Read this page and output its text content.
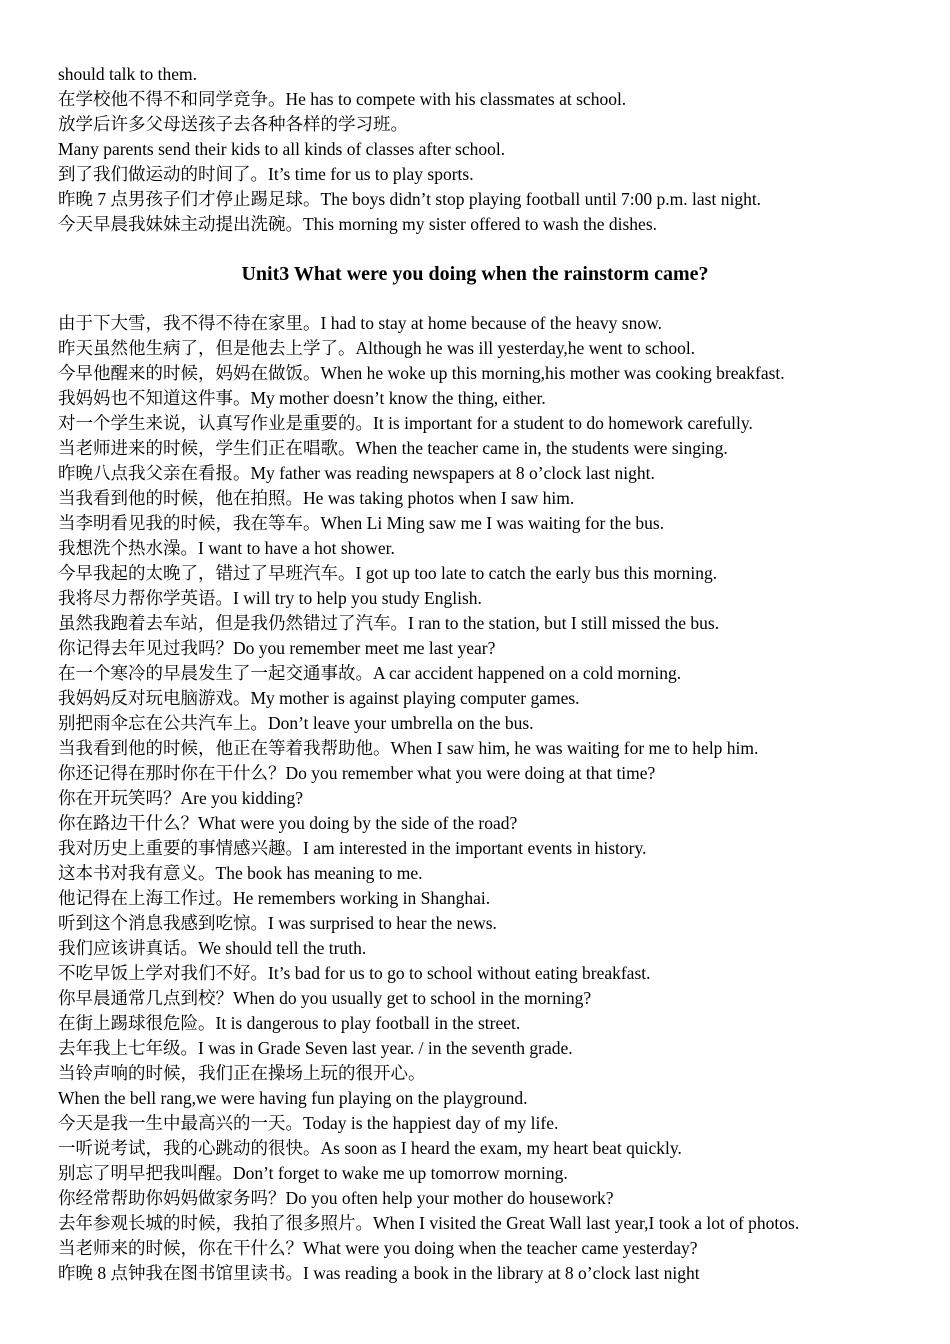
should talk to them.
在学校他不得不和同学竞争。He has to compete with his classmates at school.
放学后许多父母送孩子去各种各样的学习班。
Many parents send their kids to all kinds of classes after school.
到了我们做运动的时间了。It’s time for us to play sports.
昨晚 7 点男孩子们才停止踢足球。The boys didn’t stop playing football until 7:00 p.m. last night.
今天早晨我妹妹主动提出洗碗。This morning my sister offered to wash the dishes.
Unit3 What were you doing when the rainstorm came?
由于下大雪，我不得不待在家里。I had to stay at home because of the heavy snow.
昨天虽然他生病了，但是他去上学了。Although he was ill yesterday,he went to school.
今早他醒来的时候，妈妈在做饭。When he woke up this morning,his mother was cooking breakfast.
我妈妈也不知道这件事。My mother doesn’t know the thing, either.
对一个学生来说，认真写作业是重要的。It is important for a student to do homework carefully.
当老师进来的时候，学生们正在唱歌。When the teacher came in, the students were singing.
昨晚八点我父亲在看报。My father was reading newspapers at 8 o’clock last night.
当我看到他的时候，他在拍照。He was taking photos when I saw him.
当李明看见我的时候，我在等车。When Li Ming saw me I was waiting for the bus.
我想洗个热水澡。I want to have a hot shower.
今早我起的太晚了，错过了早班汽车。I got up too late to catch the early bus this morning.
我将尽力帮你学英语。I will try to help you study English.
虽然我跑着去车站，但是我仍然错过了汽车。I ran to the station, but I still missed the bus.
你记得去年见过我吗？Do you remember meet me last year?
在一个寒冷的早晨发生了一起交通事故。A car accident happened on a cold morning.
我妈妈反对玩电脑游戏。My mother is against playing computer games.
别把雨伞忘在公共汽车上。Don’t leave your umbrella on the bus.
当我看到他的时候，他正在等着我帮助他。When I saw him, he was waiting for me to help him.
你还记得在那时你在干什么？Do you remember what you were doing at that time?
你在开玩笑吗？Are you kidding?
你在路边干什么？What were you doing by the side of the road?
我对历史上重要的事情感兴趣。I am interested in the important events in history.
这本书对我有意义。The book has meaning to me.
他记得在上海工作过。He remembers working in Shanghai.
听到这个消息我感到吃惊。I was surprised to hear the news.
我们应该讲真话。We should tell the truth.
不吃早饭上学对我们不好。It’s bad for us to go to school without eating breakfast.
你早晨通常几点到校？When do you usually get to school in the morning?
在街上踢球很危险。It is dangerous to play football in the street.
去年我上七年级。I was in Grade Seven last year. / in the seventh grade.
当铃声响的时候，我们正在操场上玩的很开心。
When the bell rang,we were having fun playing on the playground.
今天是我一生中最高兴的一天。Today is the happiest day of my life.
一听说考试，我的心跳动的很快。As soon as I heard the exam, my heart beat quickly.
别忘了明早把我叫醒。Don’t forget to wake me up tomorrow morning.
你经常帮助你妈妈做家务吗？Do you often help your mother do housework?
去年参观长城的时候，我拍了很多照片。When I visited the Great Wall last year,I took a lot of photos.
当老师来的时候，你在干什么？What were you doing when the teacher came yesterday?
昨晚 8 点钟我在图书馆里读书。I was reading a book in the library at 8 o’clock last night
